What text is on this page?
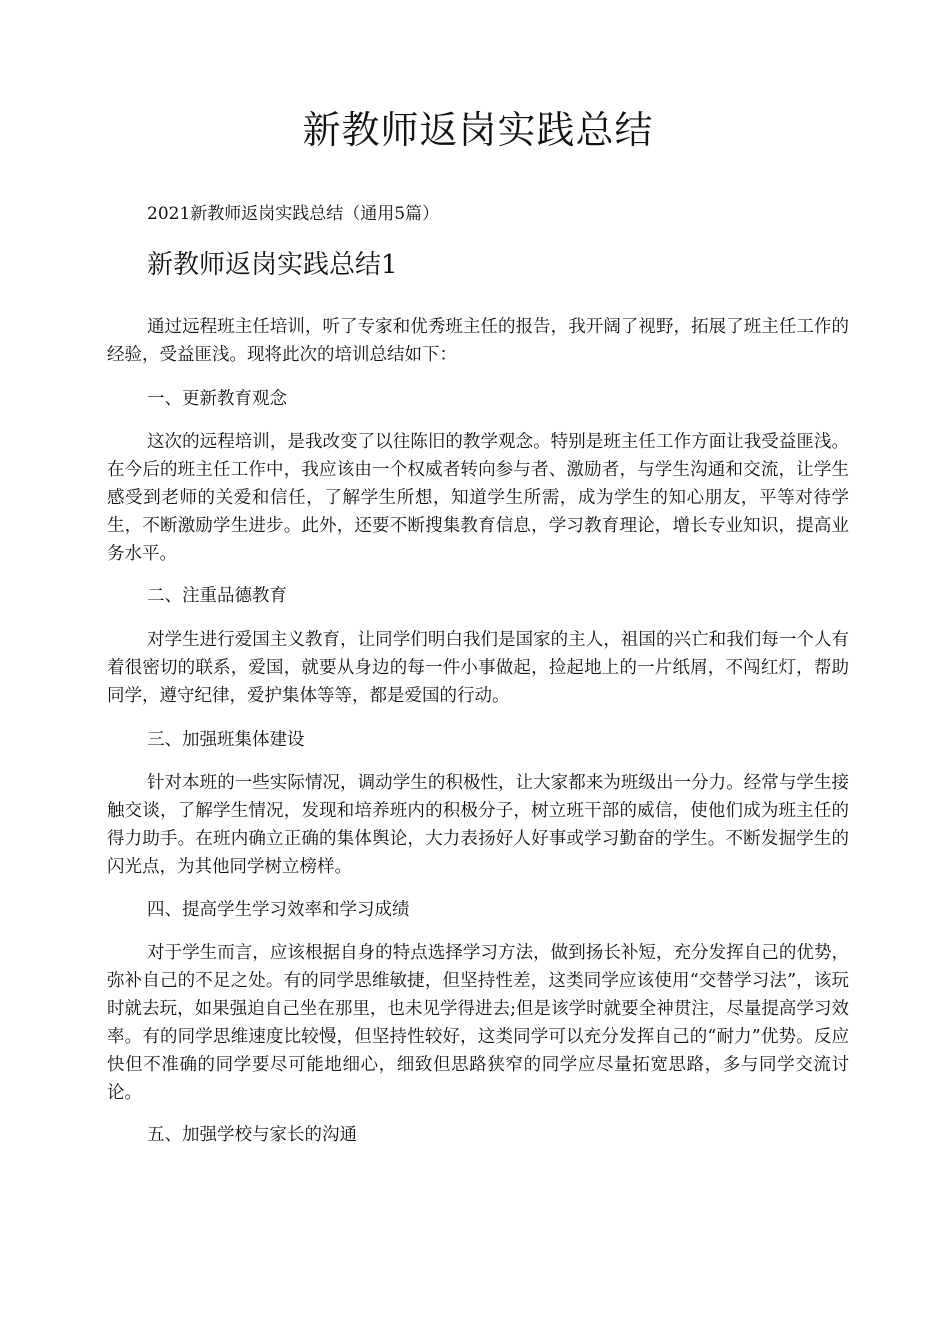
新教师返岗实践总结

2021新教师返岗实践总结（通用5篇）

新教师返岗实践总结1

通过远程班主任培训，听了专家和优秀班主任的报告，我开阔了视野，拓展了班主任工作的经验，受益匪浅。现将此次的培训总结如下：

一、更新教育观念

这次的远程培训，是我改变了以往陈旧的教学观念。特别是班主任工作方面让我受益匪浅。在今后的班主任工作中，我应该由一个权威者转向参与者、激励者，与学生沟通和交流，让学生感受到老师的关爱和信任，了解学生所想，知道学生所需，成为学生的知心朋友，平等对待学生，不断激励学生进步。此外，还要不断搜集教育信息，学习教育理论，增长专业知识，提高业务水平。

二、注重品德教育

对学生进行爱国主义教育，让同学们明白我们是国家的主人，祖国的兴亡和我们每一个人有着很密切的联系，爱国，就要从身边的每一件小事做起，捡起地上的一片纸屑，不闯红灯，帮助同学，遵守纪律，爱护集体等等，都是爱国的行动。

三、加强班集体建设

针对本班的一些实际情况，调动学生的积极性，让大家都来为班级出一分力。经常与学生接触交谈，了解学生情况，发现和培养班内的积极分子，树立班干部的威信，使他们成为班主任的得力助手。在班内确立正确的集体舆论，大力表扬好人好事或学习勤奋的学生。不断发掘学生的闪光点，为其他同学树立榜样。

四、提高学生学习效率和学习成绩

对于学生而言，应该根据自身的特点选择学习方法，做到扬长补短，充分发挥自己的优势，弥补自己的不足之处。有的同学思维敏捷，但坚持性差，这类同学应该使用“交替学习法”，该玩时就去玩，如果强迫自己坐在那里，也未见学得进去;但是该学时就要全神贯注，尽量提高学习效率。有的同学思维速度比较慢，但坚持性较好，这类同学可以充分发挥自己的“耐力”优势。反应快但不准确的同学要尽可能地细心，细致但思路狭窄的同学应尽量拓宽思路，多与同学交流讨论。

五、加强学校与家长的沟通
